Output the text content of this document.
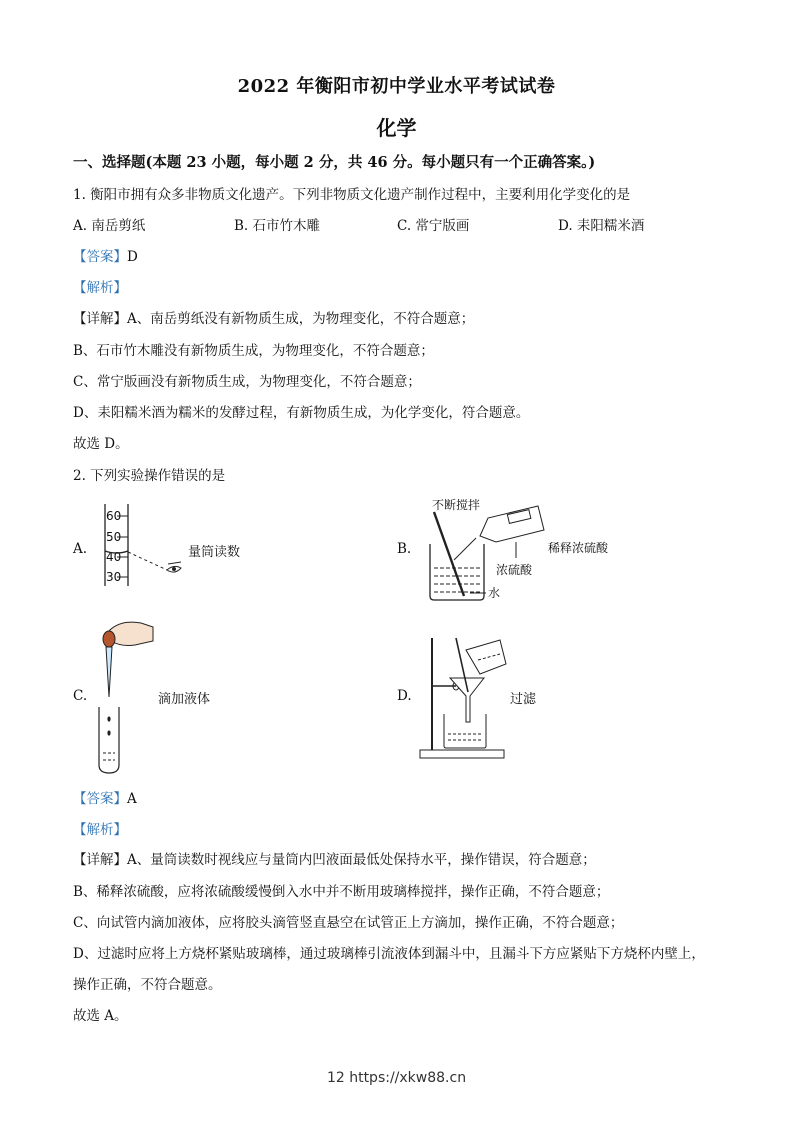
2022 年衡阳市初中学业水平考试试卷
化学
一、选择题(本题 23 小题，每小题 2 分，共 46 分。每小题只有一个正确答案。)
1. 衡阳市拥有众多非物质文化遗产。下列非物质文化遗产制作过程中，主要利用化学变化的是
A. 南岳剪纸	B. 石市竹木雕	C. 常宁版画	D. 耒阳糯米酒
【答案】D
【解析】
【详解】A、南岳剪纸没有新物质生成，为物理变化，不符合题意；
B、石市竹木雕没有新物质生成，为物理变化，不符合题意；
C、常宁版画没有新物质生成，为物理变化，不符合题意；
D、耒阳糯米酒为糯米的发酵过程，有新物质生成，为化学变化，符合题意。
故选 D。
2. 下列实验操作错误的是
A.
60
50
40
30
量筒读数	B.
不断搅拌
稀释浓硫酸
浓硫酸
水
C.	滴加液体	D.	过滤
【答案】A
【解析】
【详解】A、量筒读数时视线应与量筒内凹液面最低处保持水平，操作错误，符合题意；
B、稀释浓硫酸，应将浓硫酸缓慢倒入水中并不断用玻璃棒搅拌，操作正确，不符合题意；
C、向试管内滴加液体，应将胶头滴管竖直悬空在试管正上方滴加，操作正确，不符合题意；
D、过滤时应将上方烧杯紧贴玻璃棒，通过玻璃棒引流液体到漏斗中，且漏斗下方应紧贴下方烧杯内壁上，
操作正确，不符合题意。
故选 A。
12 https://xkw88.cn
